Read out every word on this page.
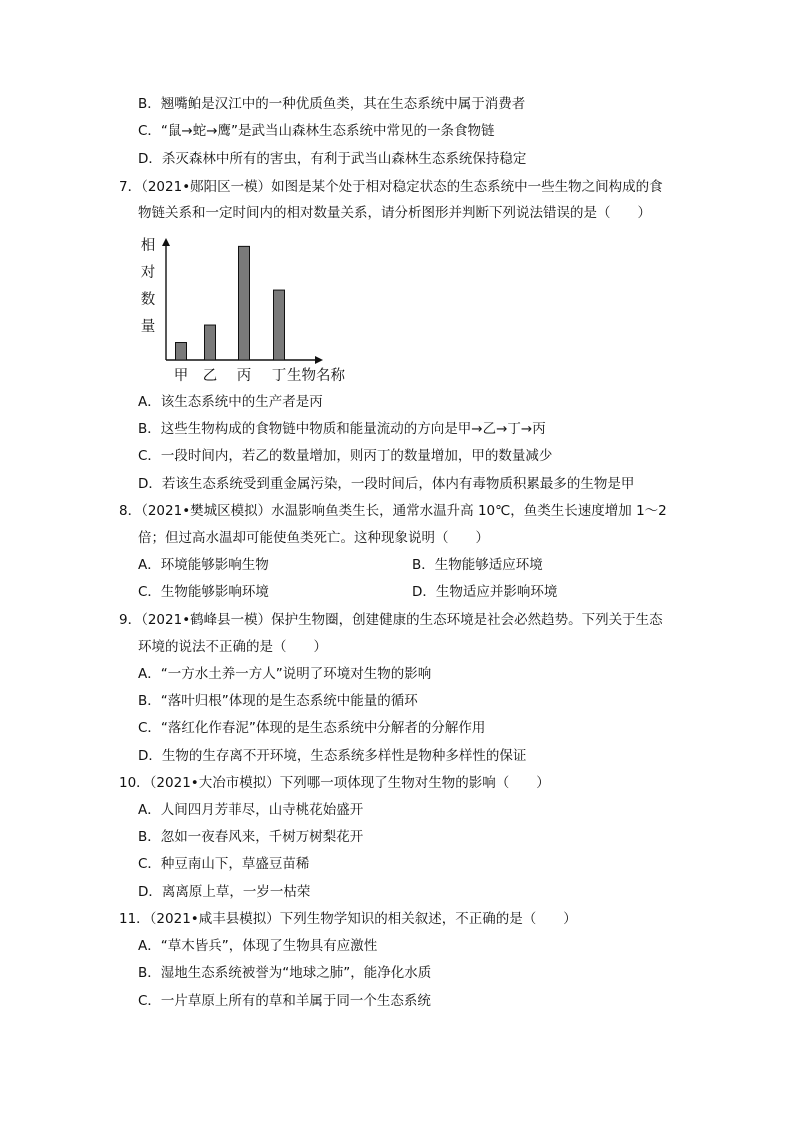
B．翘嘴鲌是汉江中的一种优质鱼类，其在生态系统中属于消费者
C．“鼠→蛇→鹰”是武当山森林生态系统中常见的一条食物链
D．杀灭森林中所有的害虫，有利于武当山森林生态系统保持稳定
7．（2021•郧阳区一模）如图是某个处于相对稳定状态的生态系统中一些生物之间构成的食
物链关系和一定时间内的相对数量关系，请分析图形并判断下列说法错误的是（　　）
甲 乙 丙 丁 生物名称
相
对
数
量
A．该生态系统中的生产者是丙
B．这些生物构成的食物链中物质和能量流动的方向是甲→乙→丁→丙
C．一段时间内，若乙的数量增加，则丙丁的数量增加，甲的数量减少
D．若该生态系统受到重金属污染，一段时间后，体内有毒物质积累最多的生物是甲
8．（2021•樊城区模拟）水温影响鱼类生长，通常水温升高 10℃，鱼类生长速度增加 1～2
倍；但过高水温却可能使鱼类死亡。这种现象说明（　　）
A．环境能够影响生物	B．生物能够适应环境
C．生物能够影响环境	D．生物适应并影响环境
9．（2021•鹤峰县一模）保护生物圈，创建健康的生态环境是社会必然趋势。下列关于生态
环境的说法不正确的是（　　）
A．“一方水土养一方人”说明了环境对生物的影响
B．“落叶归根”体现的是生态系统中能量的循环
C．“落红化作春泥”体现的是生态系统中分解者的分解作用
D．生物的生存离不开环境，生态系统多样性是物种多样性的保证
10．（2021•大冶市模拟）下列哪一项体现了生物对生物的影响（　　）
A．人间四月芳菲尽，山寺桃花始盛开
B．忽如一夜春风来，千树万树梨花开
C．种豆南山下，草盛豆苗稀
D．离离原上草，一岁一枯荣
11．（2021•咸丰县模拟）下列生物学知识的相关叙述，不正确的是（　　）
A．“草木皆兵”，体现了生物具有应激性
B．湿地生态系统被誉为“地球之肺”，能净化水质
C．一片草原上所有的草和羊属于同一个生态系统
